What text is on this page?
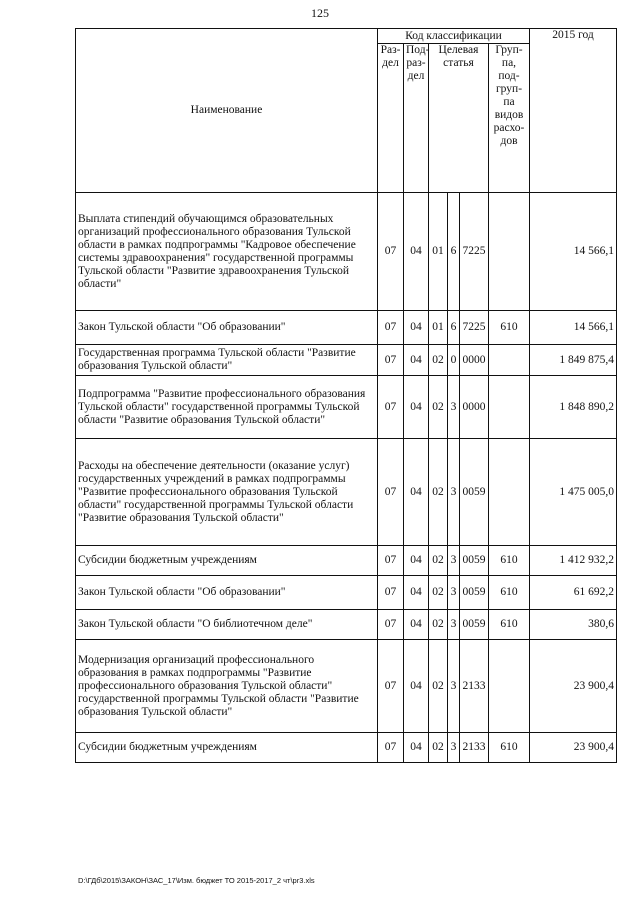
125
Наименование	Код классификации						2015 год
	Раз- дел	Под- раз- дел	Целевая статья			Груп- па, под- груп- па видов расхо- дов	
Выплата стипендий обучающимся образовательных организаций профессионального образования Тульской области в рамках подпрограммы "Кадровое обеспечение системы здравоохранения" государственной программы Тульской области "Развитие здравоохранения Тульской области"	07	04	01	6	7225		14 566,1
Закон Тульской области "Об образовании"	07	04	01	6	7225	610	14 566,1
Государственная программа Тульской области "Развитие образования Тульской области"	07	04	02	0	0000		1 849 875,4
Подпрограмма "Развитие профессионального образования Тульской области" государственной программы Тульской области "Развитие образования Тульской области"	07	04	02	3	0000		1 848 890,2
Расходы на обеспечение деятельности (оказание услуг) государственных учреждений в рамках подпрограммы "Развитие профессионального образования Тульской области" государственной программы Тульской области "Развитие образования Тульской области"	07	04	02	3	0059		1 475 005,0
Субсидии бюджетным учреждениям	07	04	02	3	0059	610	1 412 932,2
Закон Тульской области "Об образовании"	07	04	02	3	0059	610	61 692,2
Закон Тульской области "О библиотечном деле"	07	04	02	3	0059	610	380,6
Модернизация организаций профессионального образования в рамках подпрограммы "Развитие профессионального образования Тульской области" государственной программы Тульской области "Развитие образования Тульской области"	07	04	02	3	2133		23 900,4
Субсидии бюджетным учреждениям	07	04	02	3	2133	610	23 900,4
D:\ГДб\2015\ЗАКОН\ЗАС_17\Изм. бюджет ТО 2015-2017_2 чт\pr3.xls
